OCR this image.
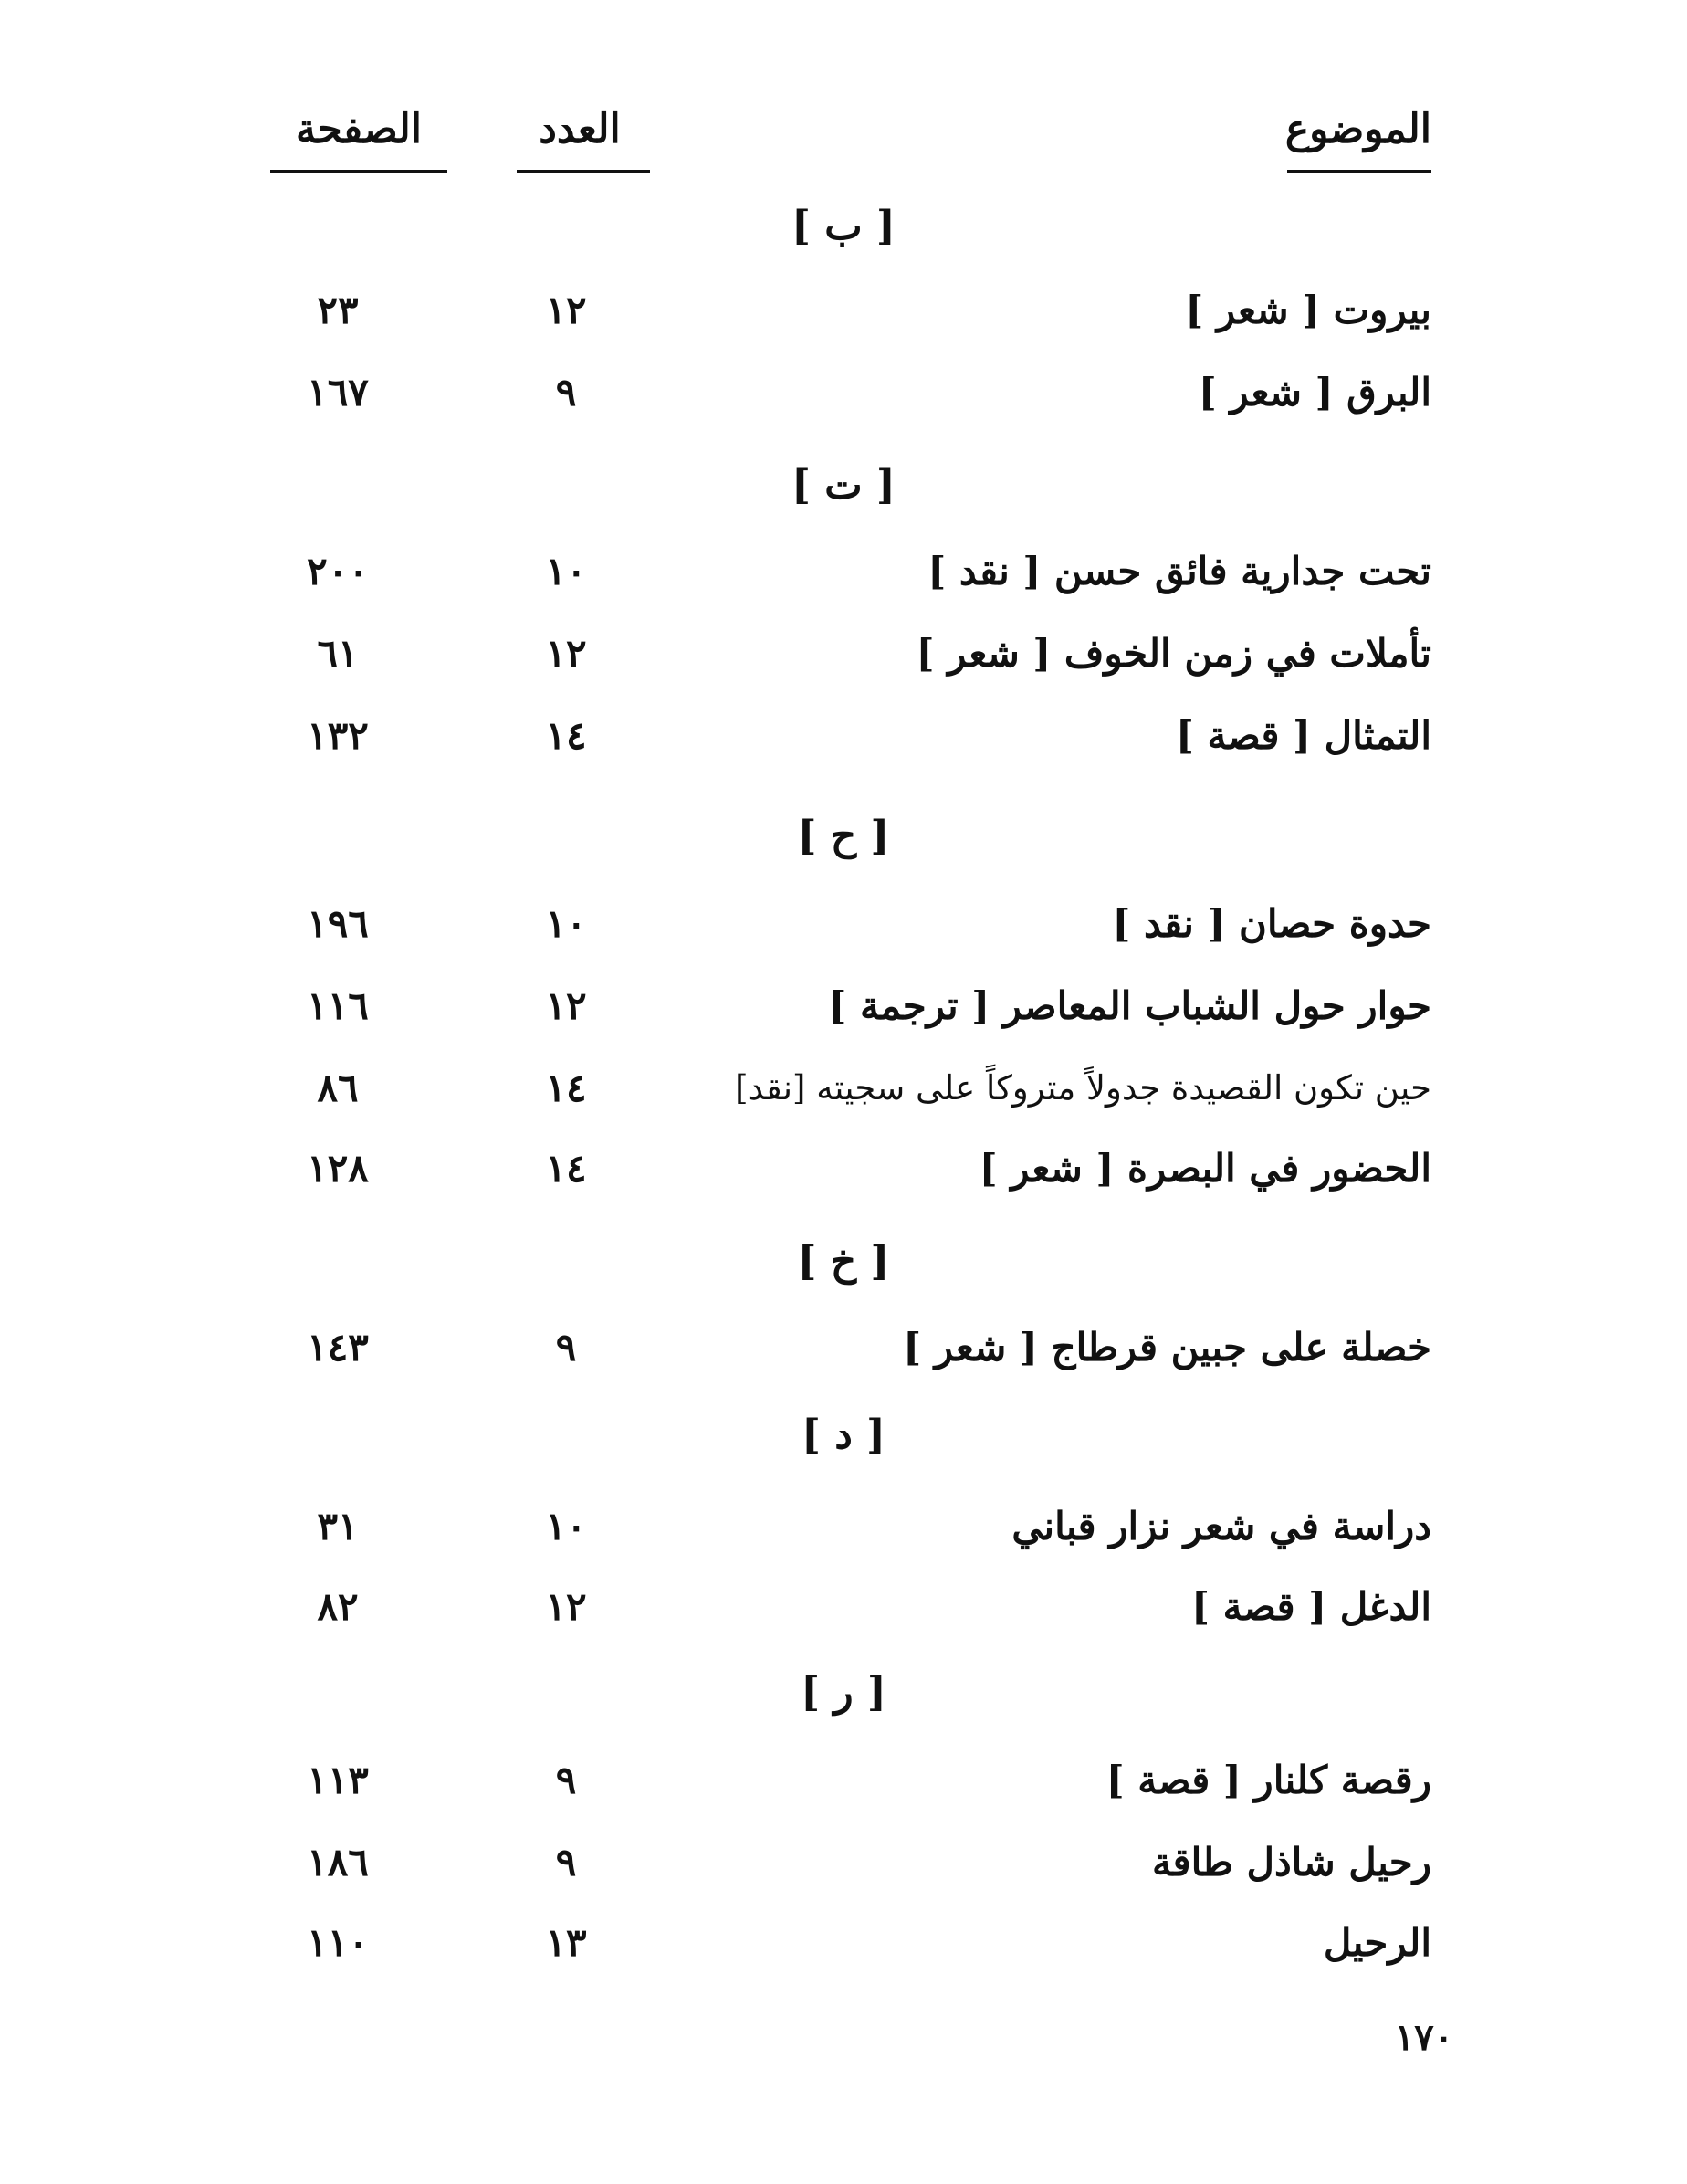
الموضوع
العدد
الصفحة
[ ب ]
بيروت [ شعر ]
١٢
٢٣
البرق [ شعر ]
٩
١٦٧
[ ت ]
تحت جدارية فائق حسن [ نقد ]
١٠
٢٠٠
تأملات في زمن الخوف [ شعر ]
١٢
٦١
التمثال [ قصة ]
١٤
١٣٢
[ ح ]
حدوة حصان [ نقد ]
١٠
١٩٦
حوار حول الشباب المعاصر [ ترجمة ]
١٢
١١٦
حين تكون القصيدة جدولاً متروكاً على سجيته [نقد]
١٤
٨٦
الحضور في البصرة [ شعر ]
١٤
١٢٨
[ خ ]
خصلة على جبين قرطاج [ شعر ]
٩
١٤٣
[ د ]
دراسة في شعر نزار قباني
١٠
٣١
الدغل [ قصة ]
١٢
٨٢
[ ر ]
رقصة كلنار [ قصة ]
٩
١١٣
رحيل شاذل طاقة
٩
١٨٦
الرحيل
١٣
١١٠
١٧٠
